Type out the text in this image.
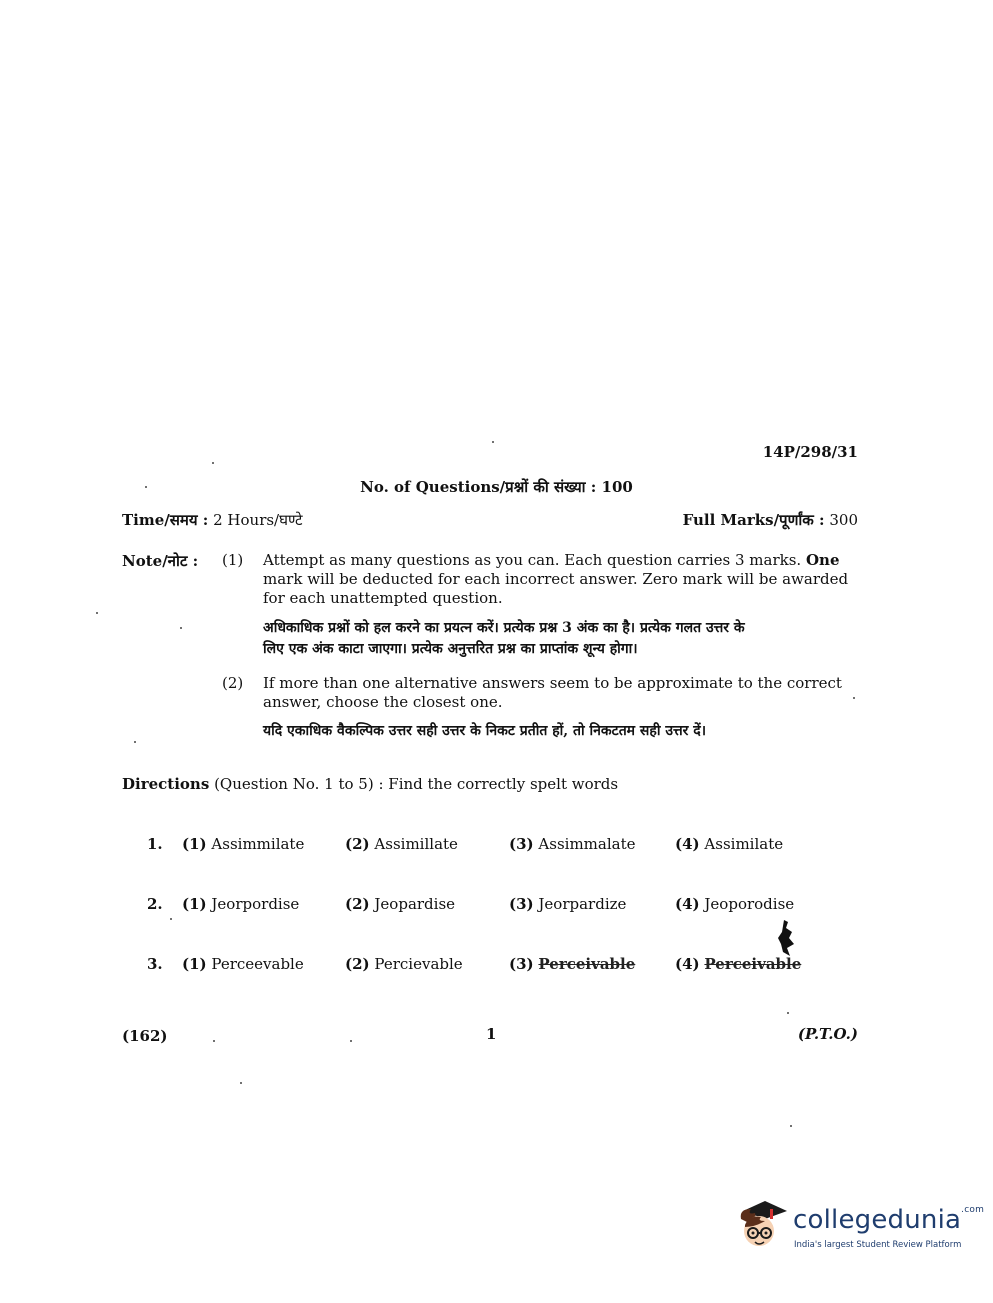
14P/298/31
No. of Questions/प्रश्नों की संख्या : 100
Time/समय : 2 Hours/घण्टे	Full Marks/पूर्णांक : 300
Note/नोट : (1) Attempt as many questions as you can. Each question carries 3 marks. One
mark will be deducted for each incorrect answer. Zero mark will be awarded
for each unattempted question.
अधिकाधिक प्रश्नों को हल करने का प्रयत्न करें। प्रत्येक प्रश्न 3 अंक का है। प्रत्येक गलत उत्तर के
लिए एक अंक काटा जाएगा। प्रत्येक अनुत्तरित प्रश्न का प्राप्तांक शून्य होगा।
(2) If more than one alternative answers seem to be approximate to the correct
answer, choose the closest one.
यदि एकाधिक वैकल्पिक उत्तर सही उत्तर के निकट प्रतीत हों, तो निकटतम सही उत्तर दें।
Directions (Question No. 1 to 5) : Find the correctly spelt words
1. (1) Assimmilate	(2) Assimillate	(3) Assimmalate	(4) Assimilate
2. (1) Jeorpordise	(2) Jeopardise	(3) Jeorpardize	(4) Jeoporodise
3. (1) Perceevable	(2) Percievable	(3) Perceivable	(4) Perceivable
(162)	1	(P.T.O.)
collegedunia$^{.com}$
India's largest Student Review Platform
